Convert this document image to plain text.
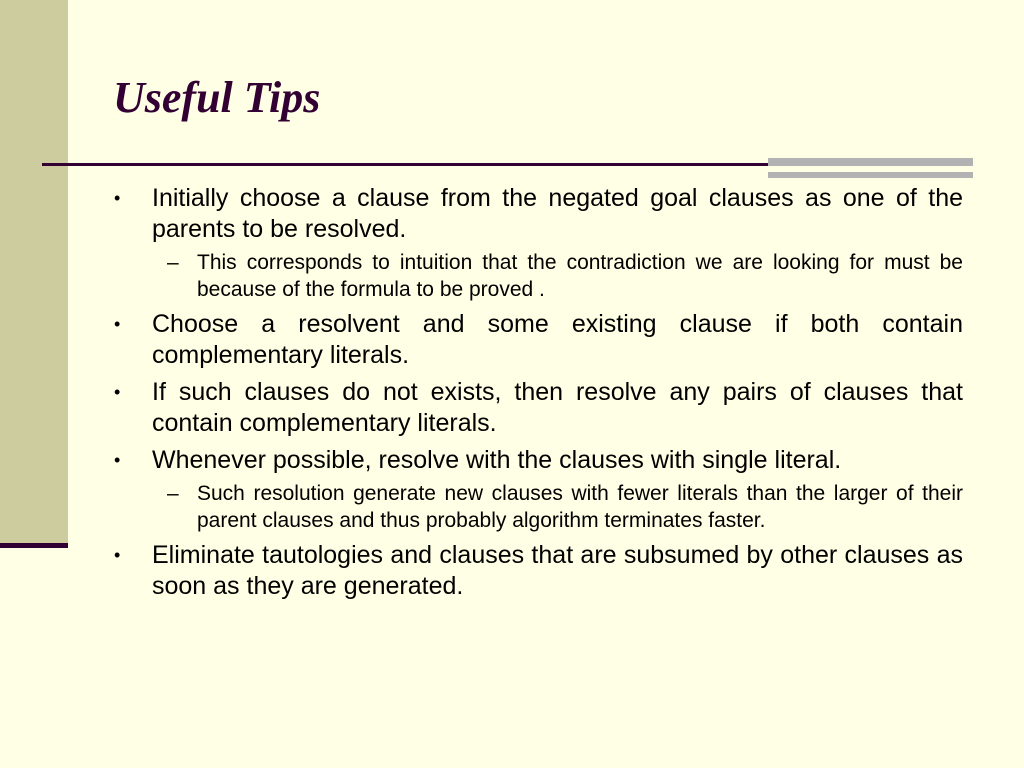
Useful Tips
• Initially choose a clause from the negated goal clauses as one of the parents to be resolved.
– This corresponds to intuition that the contradiction we are looking for must be because of the formula to be proved .
• Choose a resolvent and some existing clause if both contain complementary literals.
• If such clauses do not exists, then resolve any pairs of clauses that contain complementary literals.
• Whenever possible, resolve with the clauses with single literal.
– Such resolution generate new clauses with fewer literals than the larger of their parent clauses and thus probably algorithm terminates faster.
• Eliminate tautologies and clauses that are subsumed by other clauses as soon as they are generated.
